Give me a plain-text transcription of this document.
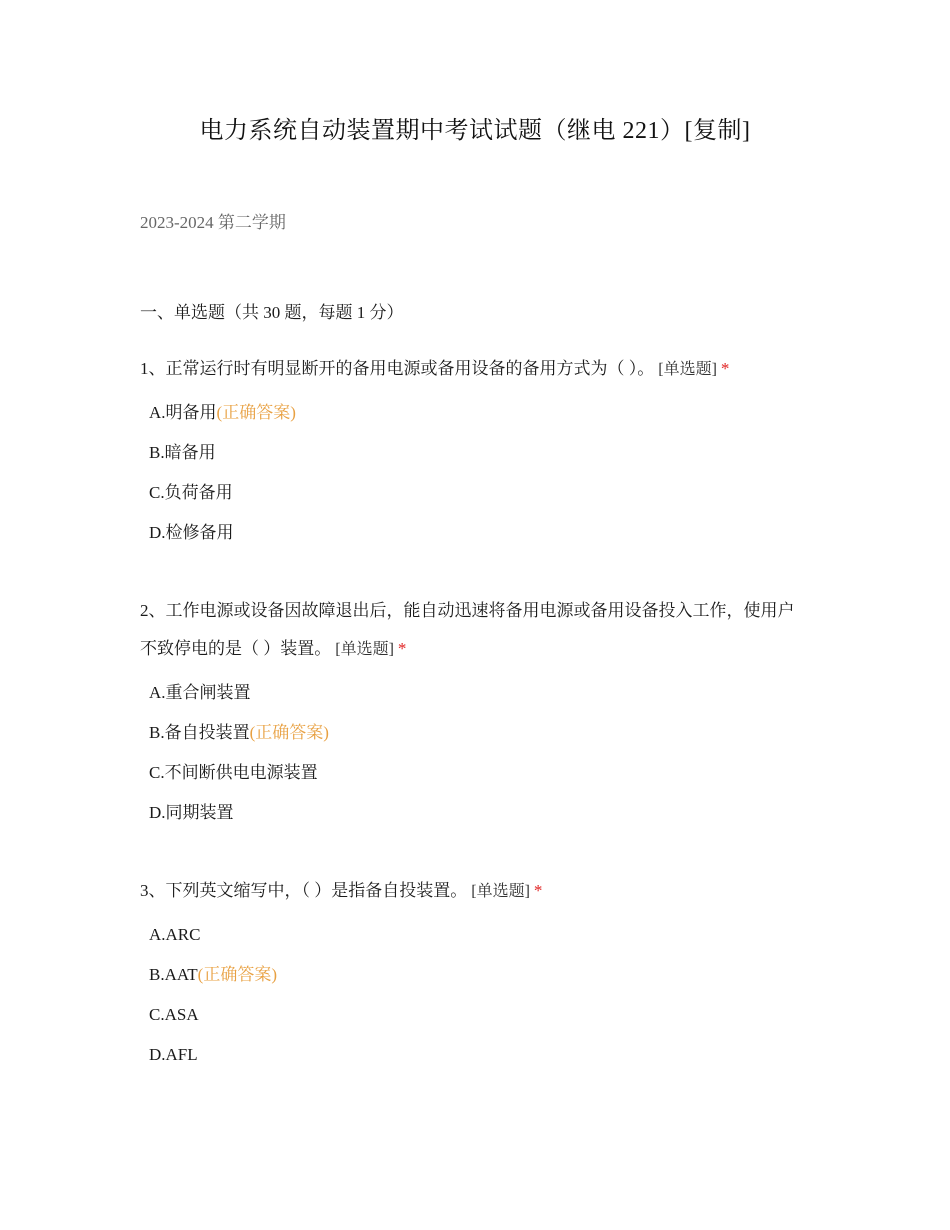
电力系统自动装置期中考试试题（继电 221）[复制]
2023-2024 第二学期
一、单选题（共 30 题，每题 1 分）
1、正常运行时有明显断开的备用电源或备用设备的备用方式为（ ）。 [单选题] *
A.明备用(正确答案)
B.暗备用
C.负荷备用
D.检修备用
2、工作电源或设备因故障退出后，能自动迅速将备用电源或备用设备投入工作，使用户不致停电的是（ ）装置。 [单选题] *
A.重合闸装置
B.备自投装置(正确答案)
C.不间断供电电源装置
D.同期装置
3、下列英文缩写中，（ ）是指备自投装置。 [单选题] *
A.ARC
B.AAT(正确答案)
C.ASA
D.AFL
